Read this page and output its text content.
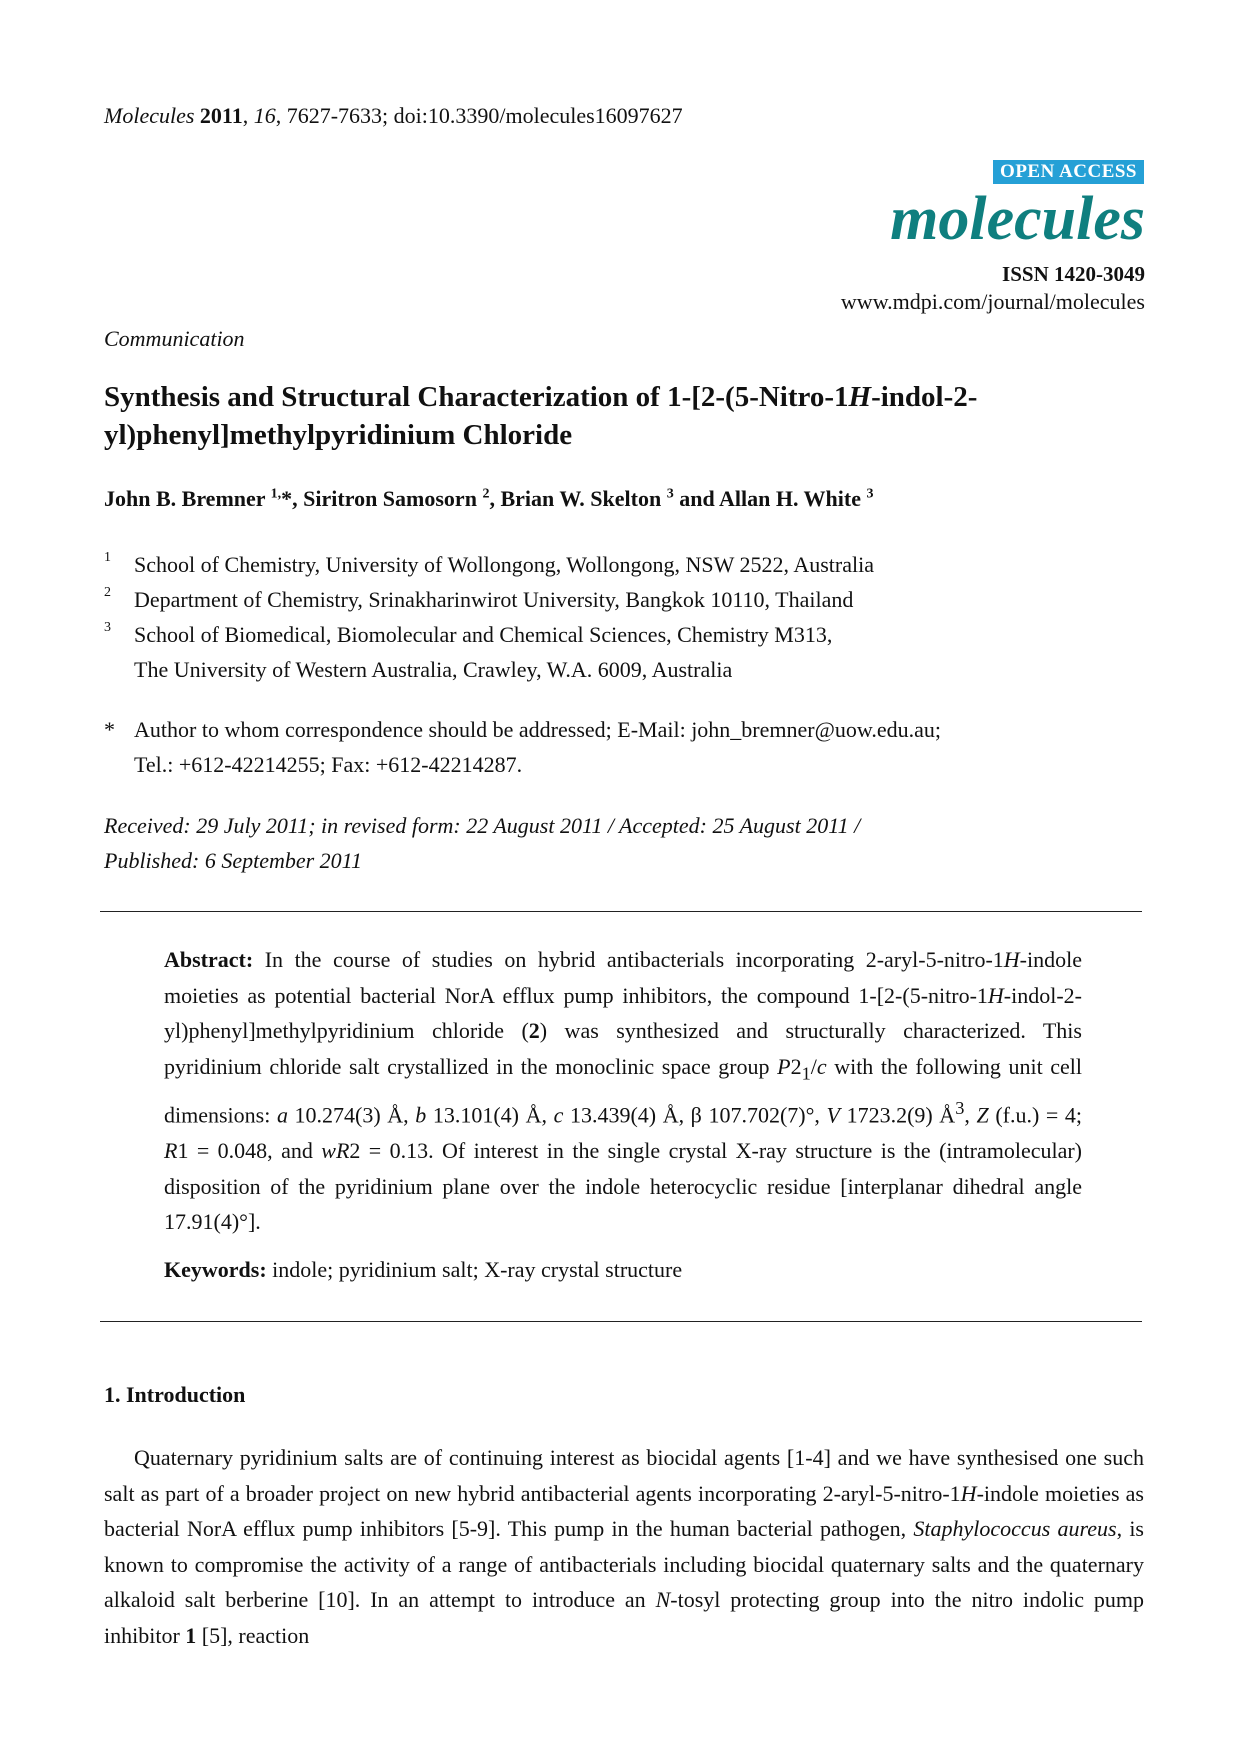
Molecules 2011, 16, 7627-7633; doi:10.3390/molecules16097627
OPEN ACCESS
molecules
ISSN 1420-3049
www.mdpi.com/journal/molecules
Communication
Synthesis and Structural Characterization of 1-[2-(5-Nitro-1H-indol-2-yl)phenyl]methylpyridinium Chloride
John B. Bremner $^{1,}$*, Siritron Samosorn $^2$, Brian W. Skelton $^3$ and Allan H. White $^3$
1	School of Chemistry, University of Wollongong, Wollongong, NSW 2522, Australia
2	Department of Chemistry, Srinakharinwirot University, Bangkok 10110, Thailand
3	School of Biomedical, Biomolecular and Chemical Sciences, Chemistry M313,
The University of Western Australia, Crawley, W.A. 6009, Australia
* Author to whom correspondence should be addressed; E-Mail: john_bremner@uow.edu.au;
Tel.: +612-42214255; Fax: +612-42214287.
Received: 29 July 2011; in revised form: 22 August 2011 / Accepted: 25 August 2011 /
Published: 6 September 2011
Abstract: In the course of studies on hybrid antibacterials incorporating 2-aryl-5-nitro-1H-indole moieties as potential bacterial NorA efflux pump inhibitors, the compound 1-[2-(5-nitro-1H-indol-2-yl)phenyl]methylpyridinium chloride (2) was synthesized and structurally characterized. This pyridinium chloride salt crystallized in the monoclinic space group $P2_1/c$ with the following unit cell dimensions: a 10.274(3) Å, b 13.101(4) Å, c 13.439(4) Å, β 107.702(7)°, V 1723.2(9) $Å^3$, Z (f.u.) = 4; R1 = 0.048, and wR2 = 0.13. Of interest in the single crystal X-ray structure is the (intramolecular) disposition of the pyridinium plane over the indole heterocyclic residue [interplanar dihedral angle 17.91(4)°].
Keywords: indole; pyridinium salt; X-ray crystal structure
1. Introduction
Quaternary pyridinium salts are of continuing interest as biocidal agents [1-4] and we have synthesised one such salt as part of a broader project on new hybrid antibacterial agents incorporating 2-aryl-5-nitro-1H-indole moieties as bacterial NorA efflux pump inhibitors [5-9]. This pump in the human bacterial pathogen, Staphylococcus aureus, is known to compromise the activity of a range of antibacterials including biocidal quaternary salts and the quaternary alkaloid salt berberine [10]. In an attempt to introduce an N-tosyl protecting group into the nitro indolic pump inhibitor 1 [5], reaction
